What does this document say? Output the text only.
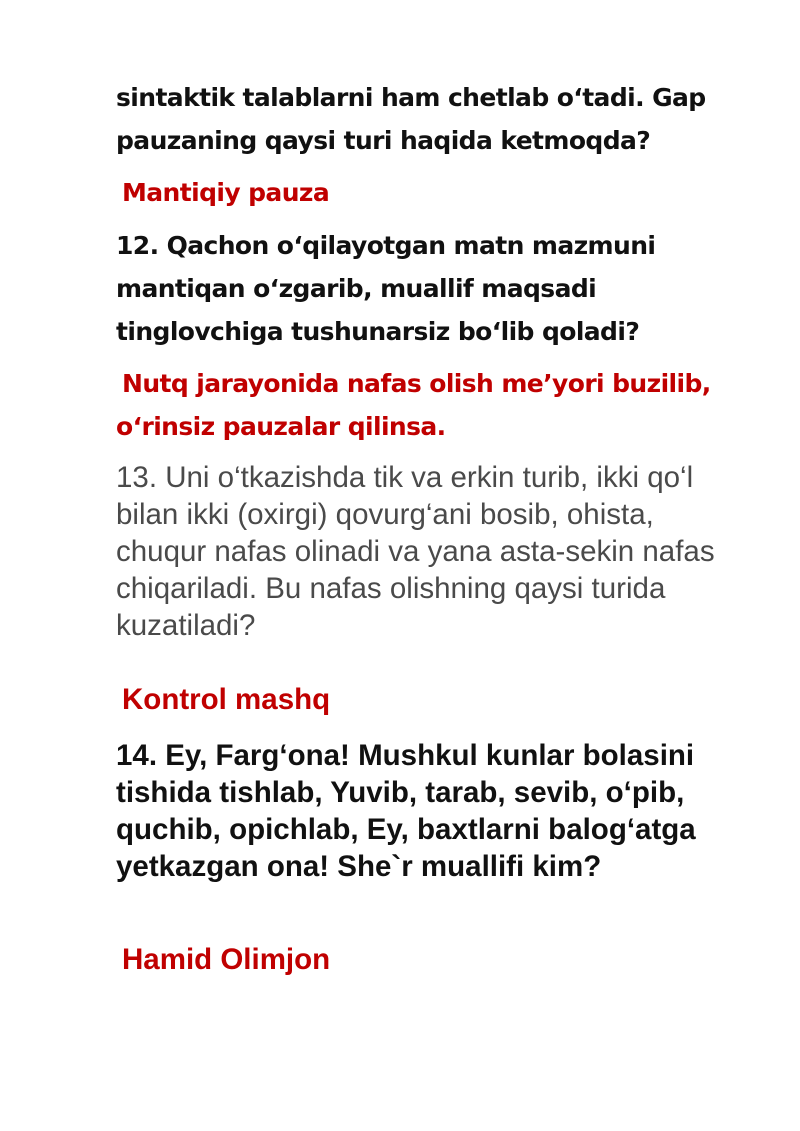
sintaktik talablarni ham chetlab o‘tadi. Gap pauzaning qaysi turi haqida ketmoqda?

Mantiqiy pauza

12. Qachon o‘qilayotgan matn mazmuni mantiqan o‘zgarib, muallif maqsadi tinglovchiga tushunarsiz bo‘lib qoladi?

Nutq jarayonida nafas olish me’yori buzilib, o‘rinsiz pauzalar qilinsa.

13. Uni o‘tkazishda tik va erkin turib, ikki qo‘l bilan ikki (oxirgi) qovurg‘ani bosib, ohista, chuqur nafas olinadi va yana asta-sekin nafas chiqariladi. Bu nafas olishning qaysi turida kuzatiladi?

Kontrol mashq

14. Ey, Farg‘ona! Mushkul kunlar bolasini tishida tishlab, Yuvib, tarab, sevib, o‘pib, quchib, opichlab, Ey, baxtlarni balog‘atga yetkazgan ona! She`r muallifi kim?

Hamid Olimjon
